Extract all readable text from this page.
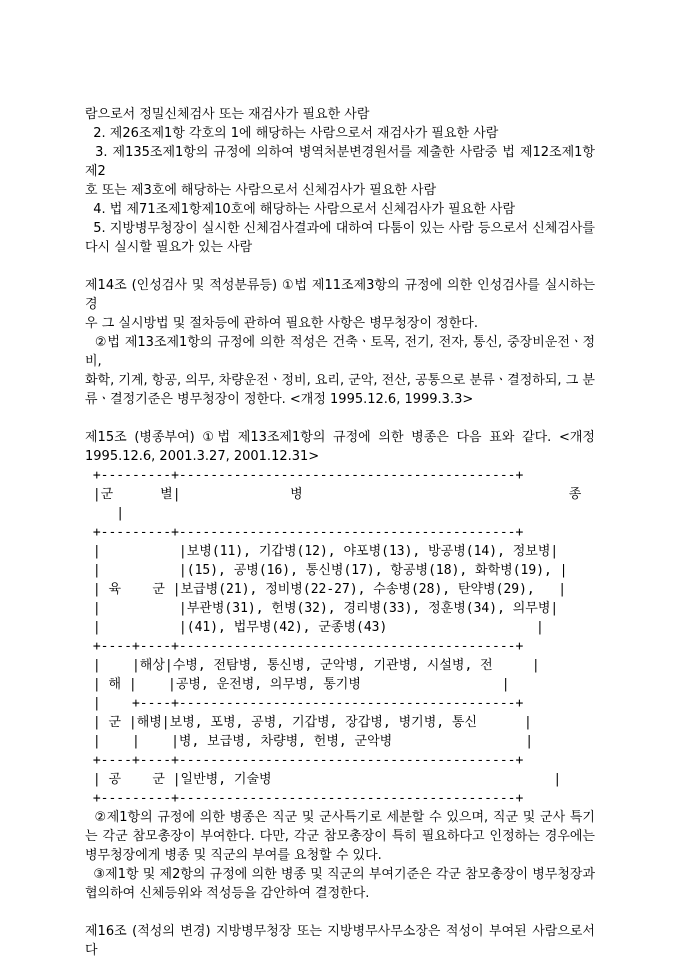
람으로서 정밀신체검사 또는 재검사가 필요한 사람
2. 제26조제1항 각호의 1에 해당하는 사람으로서 재검사가 필요한 사람
3. 제135조제1항의 규정에 의하여 병역처분변경원서를 제출한 사람중 법 제12조제1항제2
호 또는 제3호에 해당하는 사람으로서 신체검사가 필요한 사람
4. 법 제71조제1항제10호에 해당하는 사람으로서 신체검사가 필요한 사람
5. 지방병무청장이 실시한 신체검사결과에 대하여 다툼이 있는 사람 등으로서 신체검사를
다시 실시할 필요가 있는 사람

제14조 (인성검사 및 적성분류등) ①법 제11조제3항의 규정에 의한 인성검사를 실시하는 경
우 그 실시방법 및 절차등에 관하여 필요한 사항은 병무청장이 정한다.
②법 제13조제1항의 규정에 의한 적성은 건축ㆍ토목, 전기, 전자, 통신, 중장비운전ㆍ정비,
화학, 기계, 항공, 의무, 차량운전ㆍ정비, 요리, 군악, 전산, 공통으로 분류ㆍ결정하되, 그 분
류ㆍ결정기준은 병무청장이 정한다. <개정 1995.12.6, 1999.3.3>

제15조 (병종부여) ①법 제13조제1항의 규정에 의한 병종은 다음 표와 같다. <개정
1995.12.6, 2001.3.27, 2001.12.31>
+---------+-------------------------------------------+
|군      별|              병                                  종
|
+---------+-------------------------------------------+
|          |보병(11), 기갑병(12), 야포병(13), 방공병(14), 정보병|
|          |(15), 공병(16), 통신병(17), 항공병(18), 화학병(19), |
| 육    군 |보급병(21), 정비병(22-27), 수송병(28), 탄약병(29),   |
|          |부관병(31), 헌병(32), 경리병(33), 정훈병(34), 의무병|
|          |(41), 법무병(42), 군종병(43)                   |
+----+----+-------------------------------------------+
|    |해상|수병, 전탐병, 통신병, 군악병, 기관병, 시설병, 전     |
| 해 |    |공병, 운전병, 의무병, 통기병                  |
|    +----+-------------------------------------------+
| 군 |해병|보병, 포병, 공병, 기갑병, 장갑병, 병기병, 통신      |
|    |    |병, 보급병, 차량병, 헌병, 군악병                 |
+----+----+-------------------------------------------+
| 공    군 |일반병, 기술병                                    |
+---------+-------------------------------------------+
②제1항의 규정에 의한 병종은 직군 및 군사특기로 세분할 수 있으며, 직군 및 군사 특기
는 각군 참모총장이 부여한다. 다만, 각군 참모총장이 특히 필요하다고 인정하는 경우에는
병무청장에게 병종 및 직군의 부여를 요청할 수 있다.
③제1항 및 제2항의 규정에 의한 병종 및 직군의 부여기준은 각군 참모총장이 병무청장과
협의하여 신체등위와 적성등을 감안하여 결정한다.

제16조 (적성의 변경) 지방병무청장 또는 지방병무사무소장은 적성이 부여된 사람으로서 다
